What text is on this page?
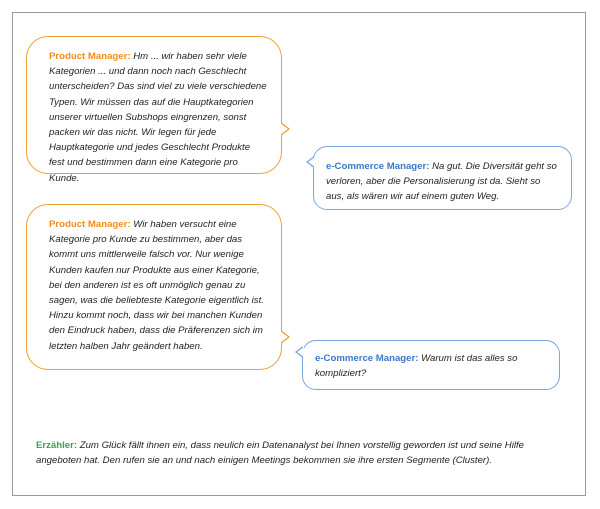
Product Manager: Hm ... wir haben sehr viele Kategorien ... und dann noch nach Geschlecht unterscheiden? Das sind viel zu viele verschiedene Typen. Wir müssen das auf die Hauptkategorien unserer virtuellen Subshops eingrenzen, sonst packen wir das nicht. Wir legen für jede Hauptkategorie und jedes Geschlecht Produkte fest und bestimmen dann eine Kategorie pro Kunde.
e-Commerce Manager: Na gut. Die Diversität geht so verloren, aber die Personalisierung ist da. Sieht so aus, als wären wir auf einem guten Weg.
Product Manager: Wir haben versucht eine Kategorie pro Kunde zu bestimmen, aber das kommt uns mittlerweile falsch vor. Nur wenige Kunden kaufen nur Produkte aus einer Kategorie, bei den anderen ist es oft unmöglich genau zu sagen, was die beliebteste Kategorie eigentlich ist. Hinzu kommt noch, dass wir bei manchen Kunden den Eindruck haben, dass die Präferenzen sich im letzten halben Jahr geändert haben.
e-Commerce Manager: Warum ist das alles so kompliziert?
Erzähler: Zum Glück fällt ihnen ein, dass neulich ein Datenanalyst bei Ihnen vorstellig geworden ist und seine Hilfe angeboten hat. Den rufen sie an und nach einigen Meetings bekommen sie ihre ersten Segmente (Cluster).
